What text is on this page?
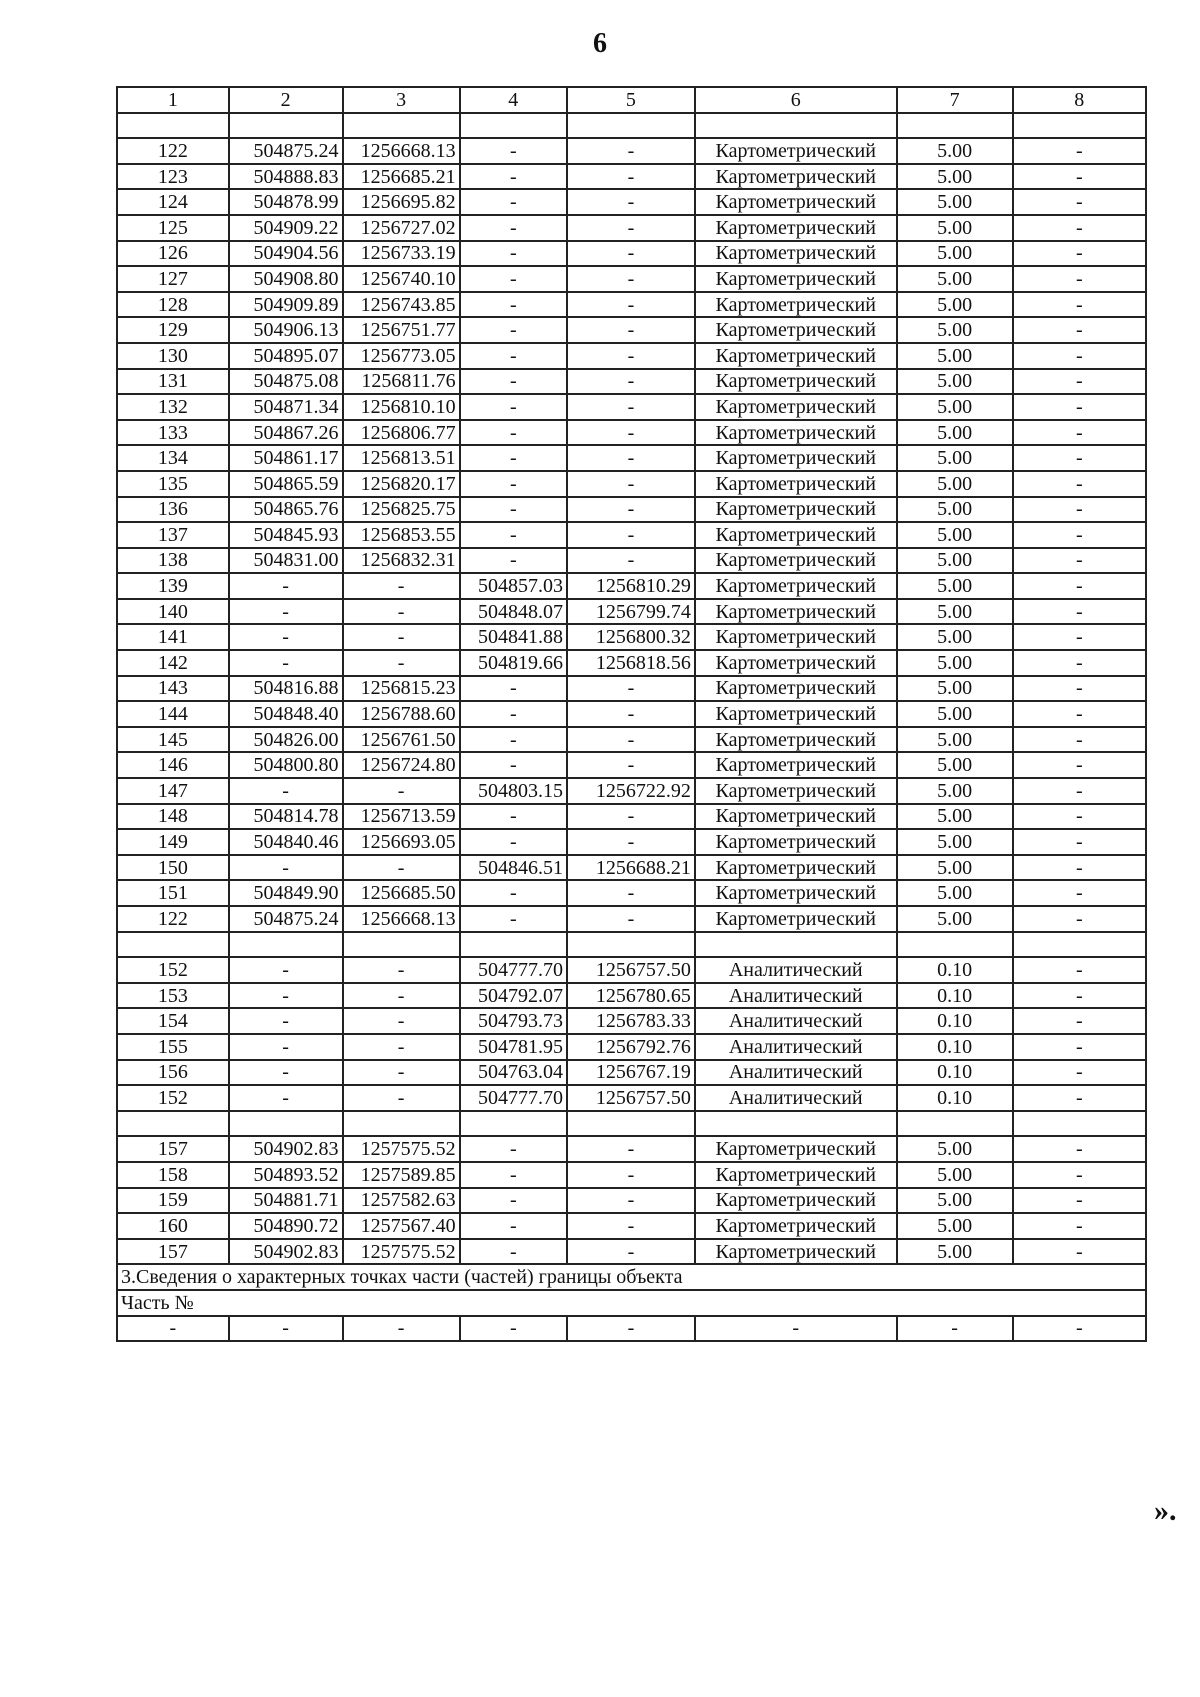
6
1	2	3	4	5	6	7	8

122	504875.24	1256668.13	-	-	Картометрический	5.00	-
123	504888.83	1256685.21	-	-	Картометрический	5.00	-
124	504878.99	1256695.82	-	-	Картометрический	5.00	-
125	504909.22	1256727.02	-	-	Картометрический	5.00	-
126	504904.56	1256733.19	-	-	Картометрический	5.00	-
127	504908.80	1256740.10	-	-	Картометрический	5.00	-
128	504909.89	1256743.85	-	-	Картометрический	5.00	-
129	504906.13	1256751.77	-	-	Картометрический	5.00	-
130	504895.07	1256773.05	-	-	Картометрический	5.00	-
131	504875.08	1256811.76	-	-	Картометрический	5.00	-
132	504871.34	1256810.10	-	-	Картометрический	5.00	-
133	504867.26	1256806.77	-	-	Картометрический	5.00	-
134	504861.17	1256813.51	-	-	Картометрический	5.00	-
135	504865.59	1256820.17	-	-	Картометрический	5.00	-
136	504865.76	1256825.75	-	-	Картометрический	5.00	-
137	504845.93	1256853.55	-	-	Картометрический	5.00	-
138	504831.00	1256832.31	-	-	Картометрический	5.00	-
139	-	-	504857.03	1256810.29	Картометрический	5.00	-
140	-	-	504848.07	1256799.74	Картометрический	5.00	-
141	-	-	504841.88	1256800.32	Картометрический	5.00	-
142	-	-	504819.66	1256818.56	Картометрический	5.00	-
143	504816.88	1256815.23	-	-	Картометрический	5.00	-
144	504848.40	1256788.60	-	-	Картометрический	5.00	-
145	504826.00	1256761.50	-	-	Картометрический	5.00	-
146	504800.80	1256724.80	-	-	Картометрический	5.00	-
147	-	-	504803.15	1256722.92	Картометрический	5.00	-
148	504814.78	1256713.59	-	-	Картометрический	5.00	-
149	504840.46	1256693.05	-	-	Картометрический	5.00	-
150	-	-	504846.51	1256688.21	Картометрический	5.00	-
151	504849.90	1256685.50	-	-	Картометрический	5.00	-
122	504875.24	1256668.13	-	-	Картометрический	5.00	-

152	-	-	504777.70	1256757.50	Аналитический	0.10	-
153	-	-	504792.07	1256780.65	Аналитический	0.10	-
154	-	-	504793.73	1256783.33	Аналитический	0.10	-
155	-	-	504781.95	1256792.76	Аналитический	0.10	-
156	-	-	504763.04	1256767.19	Аналитический	0.10	-
152	-	-	504777.70	1256757.50	Аналитический	0.10	-

157	504902.83	1257575.52	-	-	Картометрический	5.00	-
158	504893.52	1257589.85	-	-	Картометрический	5.00	-
159	504881.71	1257582.63	-	-	Картометрический	5.00	-
160	504890.72	1257567.40	-	-	Картометрический	5.00	-
157	504902.83	1257575.52	-	-	Картометрический	5.00	-
3.Сведения о характерных точках части (частей) границы объекта							
Часть №							
-	-	-	-	-	-	-	-
».
